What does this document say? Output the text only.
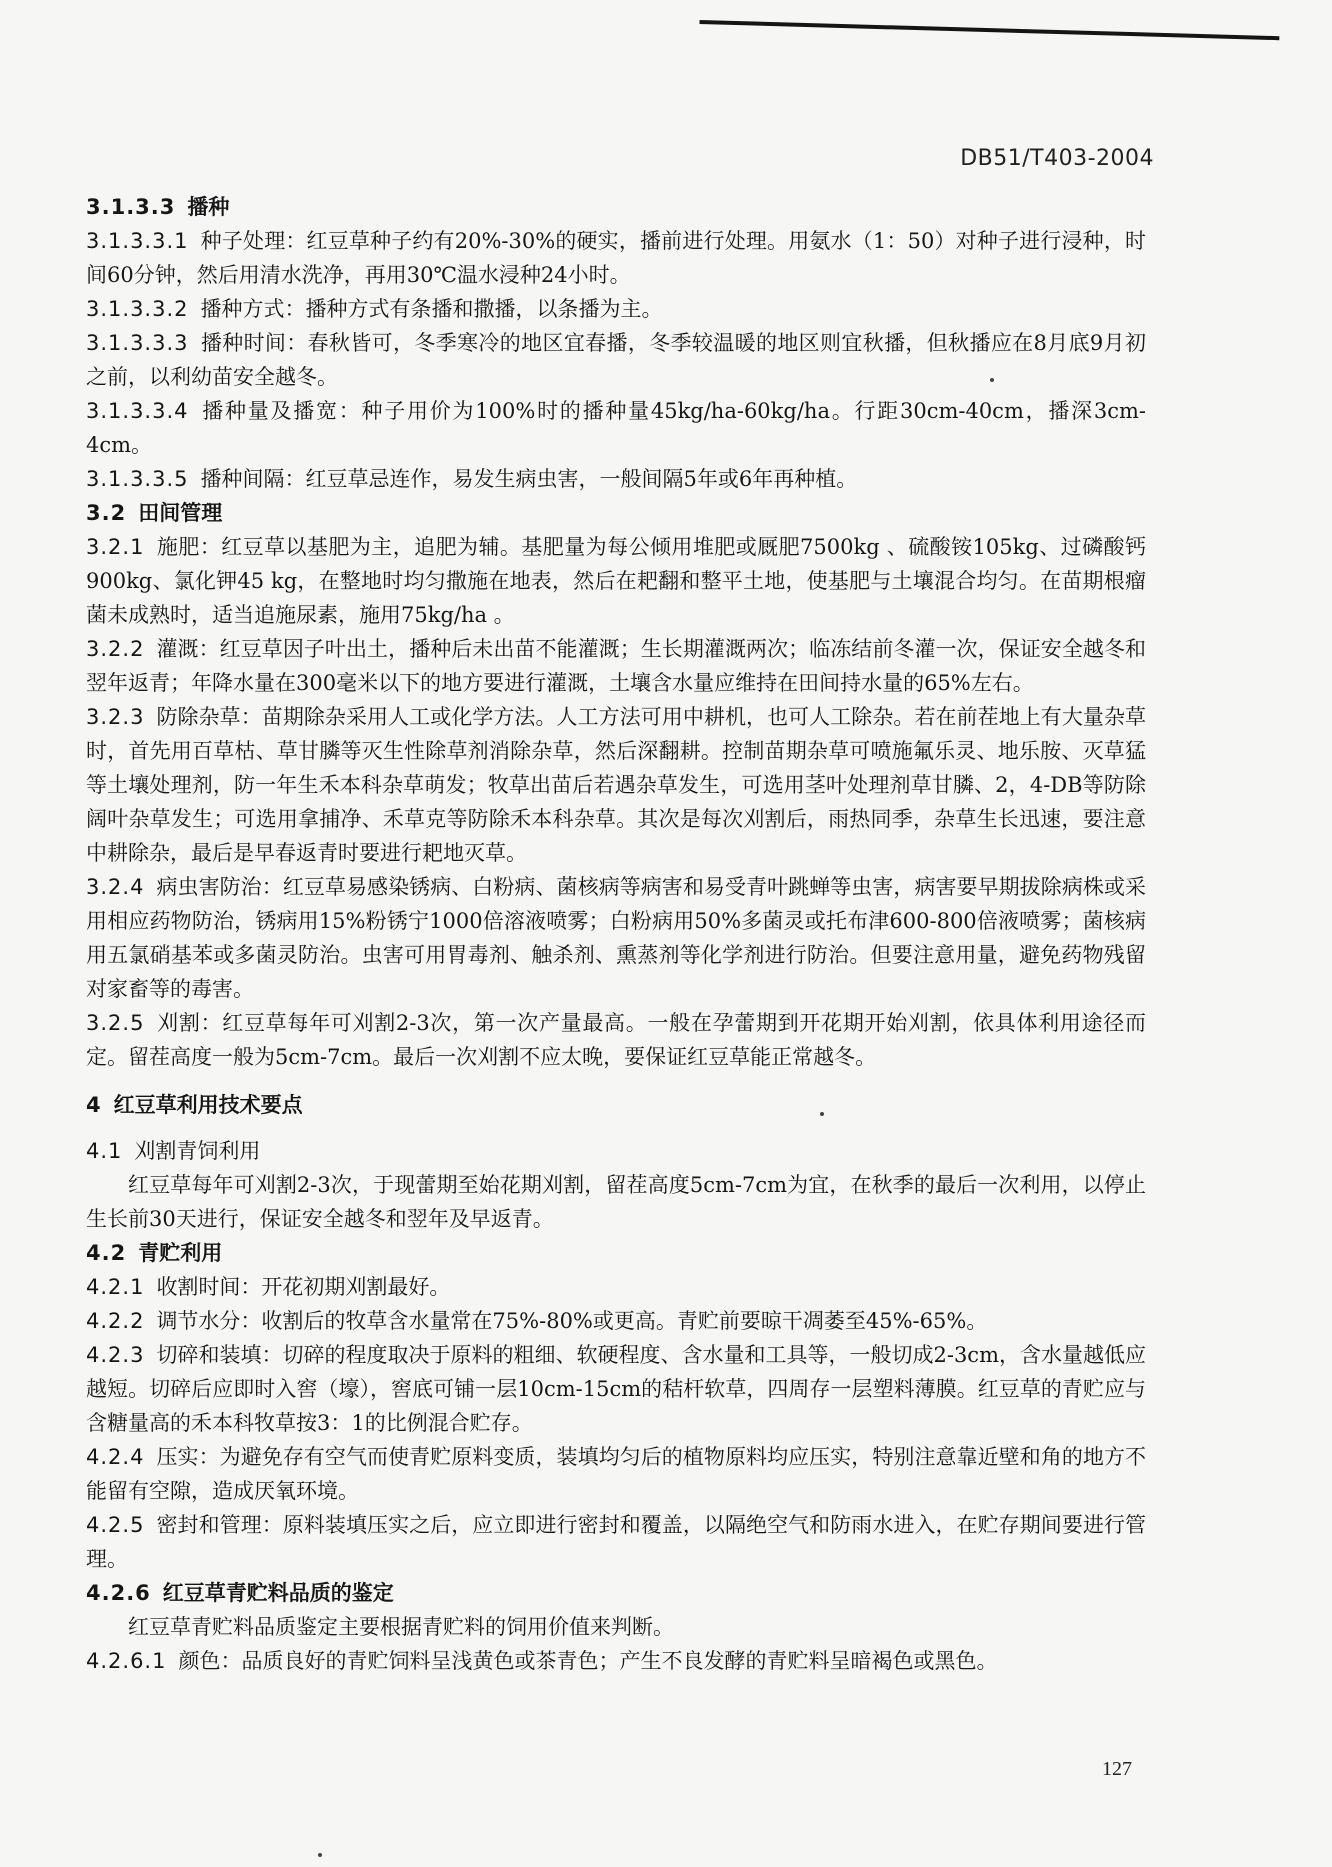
DB51/T403-2004

3.1.3.3 播种

3.1.3.3.1 种子处理：红豆草种子约有20%-30%的硬实，播前进行处理。用氨水（1：50）对种子进行浸种，时间60分钟，然后用清水洗净，再用30℃温水浸种24小时。

3.1.3.3.2 播种方式：播种方式有条播和撒播，以条播为主。

3.1.3.3.3 播种时间：春秋皆可，冬季寒冷的地区宜春播，冬季较温暖的地区则宜秋播，但秋播应在8月底9月初之前，以利幼苗安全越冬。

3.1.3.3.4 播种量及播宽：种子用价为100%时的播种量45kg/ha-60kg/ha。行距30cm-40cm，播深3cm-4cm。

3.1.3.3.5 播种间隔：红豆草忌连作，易发生病虫害，一般间隔5年或6年再种植。

3.2 田间管理

3.2.1 施肥：红豆草以基肥为主，追肥为辅。基肥量为每公倾用堆肥或厩肥7500kg 、硫酸铵105kg、过磷酸钙900kg、氯化钾45 kg，在整地时均匀撒施在地表，然后在耙翻和整平土地，使基肥与土壤混合均匀。在苗期根瘤菌未成熟时，适当追施尿素，施用75kg/ha 。

3.2.2 灌溉：红豆草因子叶出土，播种后未出苗不能灌溉；生长期灌溉两次；临冻结前冬灌一次，保证安全越冬和翌年返青；年降水量在300毫米以下的地方要进行灌溉，土壤含水量应维持在田间持水量的65%左右。

3.2.3 防除杂草：苗期除杂采用人工或化学方法。人工方法可用中耕机，也可人工除杂。若在前茬地上有大量杂草时，首先用百草枯、草甘膦等灭生性除草剂消除杂草，然后深翻耕。控制苗期杂草可喷施氟乐灵、地乐胺、灭草猛等土壤处理剂，防一年生禾本科杂草萌发；牧草出苗后若遇杂草发生，可选用茎叶处理剂草甘膦、2，4-DB等防除阔叶杂草发生；可选用拿捕净、禾草克等防除禾本科杂草。其次是每次刈割后，雨热同季，杂草生长迅速，要注意中耕除杂，最后是早春返青时要进行耙地灭草。

3.2.4 病虫害防治：红豆草易感染锈病、白粉病、菌核病等病害和易受青叶跳蝉等虫害，病害要早期拔除病株或采用相应药物防治，锈病用15%粉锈宁1000倍溶液喷雾；白粉病用50%多菌灵或托布津600-800倍液喷雾；菌核病用五氯硝基苯或多菌灵防治。虫害可用胃毒剂、触杀剂、熏蒸剂等化学剂进行防治。但要注意用量，避免药物残留对家畜等的毒害。

3.2.5 刈割：红豆草每年可刈割2-3次，第一次产量最高。一般在孕蕾期到开花期开始刈割，依具体利用途径而定。留茬高度一般为5cm-7cm。最后一次刈割不应太晚，要保证红豆草能正常越冬。

4 红豆草利用技术要点

4.1 刈割青饲利用

红豆草每年可刈割2-3次，于现蕾期至始花期刈割，留茬高度5cm-7cm为宜，在秋季的最后一次利用，以停止生长前30天进行，保证安全越冬和翌年及早返青。

4.2 青贮利用

4.2.1 收割时间：开花初期刈割最好。

4.2.2 调节水分：收割后的牧草含水量常在75%-80%或更高。青贮前要晾干凋萎至45%-65%。

4.2.3 切碎和装填：切碎的程度取决于原料的粗细、软硬程度、含水量和工具等，一般切成2-3cm，含水量越低应越短。切碎后应即时入窖（壕），窖底可铺一层10cm-15cm的秸杆软草，四周存一层塑料薄膜。红豆草的青贮应与含糖量高的禾本科牧草按3：1的比例混合贮存。

4.2.4 压实：为避免存有空气而使青贮原料变质，装填均匀后的植物原料均应压实，特别注意靠近壁和角的地方不能留有空隙，造成厌氧环境。

4.2.5 密封和管理：原料装填压实之后，应立即进行密封和覆盖，以隔绝空气和防雨水进入，在贮存期间要进行管理。

4.2.6 红豆草青贮料品质的鉴定

红豆草青贮料品质鉴定主要根据青贮料的饲用价值来判断。

4.2.6.1 颜色：品质良好的青贮饲料呈浅黄色或茶青色；产生不良发酵的青贮料呈暗褐色或黑色。

127
